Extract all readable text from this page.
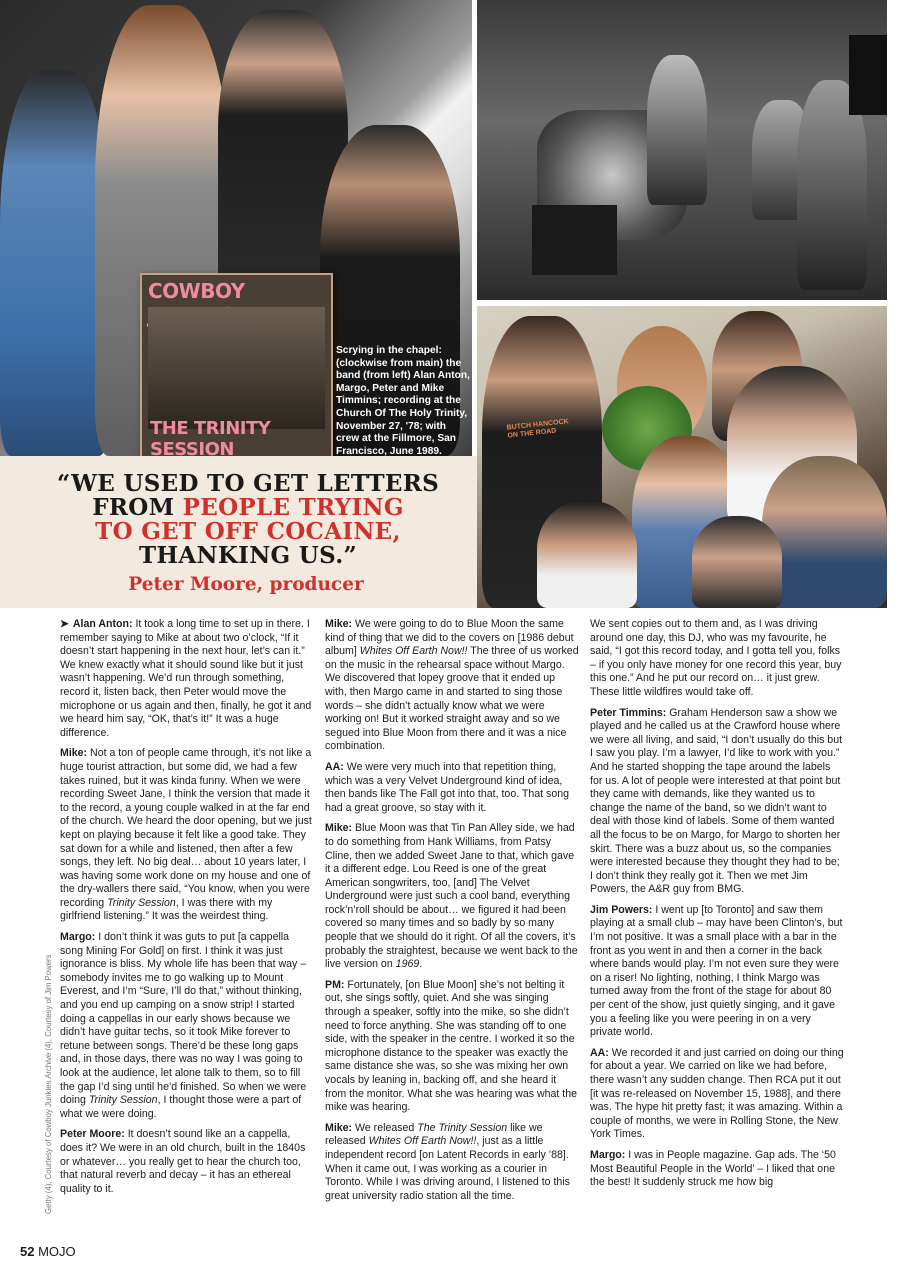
COWBOY
THE TRINITY SESSION
Scrying in the chapel: (clockwise from main) the band (from left) Alan Anton, Margo, Peter and Mike Timmins; recording at the Church Of The Holy Trinity, November 27, '78; with crew at the Fillmore, San Francisco, June 1989.
BUTCH HANCOCK ON THE ROAD
“WE USED TO GET LETTERS
FROM PEOPLE TRYING
TO GET OFF COCAINE,
THANKING US.”
Peter Moore, producer
Getty (4), Courtesy of Cowboy Junkies Archive (4), Courtesy of Jim Powers

➤ Alan Anton: It took a long time to set up in there. I remember saying to Mike at about two o’clock, “If it doesn’t start happening in the next hour, let’s can it.” We knew exactly what it should sound like but it just wasn’t happening. We’d run through something, record it, listen back, then Peter would move the microphone or us again and then, finally, he got it and we heard him say, “OK, that’s it!” It was a huge difference.

Mike: Not a ton of people came through, it’s not like a huge tourist attraction, but some did, we had a few takes ruined, but it was kinda funny. When we were recording Sweet Jane, I think the version that made it to the record, a young couple walked in at the far end of the church. We heard the door opening, but we just kept on playing because it felt like a good take. They sat down for a while and listened, then after a few songs, they left. No big deal… about 10 years later, I was having some work done on my house and one of the dry-wallers there said, “You know, when you were recording Trinity Session, I was there with my girlfriend listening.” It was the weirdest thing.

Margo: I don’t think it was guts to put [a cappella song Mining For Gold] on first. I think it was just ignorance is bliss. My whole life has been that way – somebody invites me to go walking up to Mount Everest, and I’m “Sure, I’ll do that,” without thinking, and you end up camping on a snow strip! I started doing a cappellas in our early shows because we didn’t have guitar techs, so it took Mike forever to retune between songs. There’d be these long gaps and, in those days, there was no way I was going to look at the audience, let alone talk to them, so to fill the gap I’d sing until he’d finished. So when we were doing Trinity Session, I thought those were a part of what we were doing.

Peter Moore: It doesn’t sound like an a cappella, does it? We were in an old church, built in the 1840s or whatever… you really get to hear the church too, that natural reverb and decay – it has an ethereal quality to it.

Mike: We were going to do to Blue Moon the same kind of thing that we did to the covers on [1986 debut album] Whites Off Earth Now!! The three of us worked on the music in the rehearsal space without Margo. We discovered that lopey groove that it ended up with, then Margo came in and started to sing those words – she didn’t actually know what we were working on! But it worked straight away and so we segued into Blue Moon from there and it was a nice combination.

AA: We were very much into that repetition thing, which was a very Velvet Underground kind of idea, then bands like The Fall got into that, too. That song had a great groove, so stay with it.

Mike: Blue Moon was that Tin Pan Alley side, we had to do something from Hank Williams, from Patsy Cline, then we added Sweet Jane to that, which gave it a different edge. Lou Reed is one of the great American songwriters, too, [and] The Velvet Underground were just such a cool band, everything rock’n’roll should be about… we figured it had been covered so many times and so badly by so many people that we should do it right. Of all the covers, it’s probably the straightest, because we went back to the live version on 1969.

PM: Fortunately, [on Blue Moon] she’s not belting it out, she sings softly, quiet. And she was singing through a speaker, softly into the mike, so she didn’t need to force anything. She was standing off to one side, with the speaker in the centre. I worked it so the microphone distance to the speaker was exactly the same distance she was, so she was mixing her own vocals by leaning in, backing off, and she heard it from the monitor. What she was hearing was what the mike was hearing.

Mike: We released The Trinity Session like we released Whites Off Earth Now!!, just as a little independent record [on Latent Records in early ’88]. When it came out, I was working as a courier in Toronto. While I was driving around, I listened to this great university radio station all the time.

We sent copies out to them and, as I was driving around one day, this DJ, who was my favourite, he said, “I got this record today, and I gotta tell you, folks – if you only have money for one record this year, buy this one.” And he put our record on… it just grew. These little wildfires would take off.

Peter Timmins: Graham Henderson saw a show we played and he called us at the Crawford house where we were all living, and said, “I don’t usually do this but I saw you play. I’m a lawyer, I’d like to work with you.” And he started shopping the tape around the labels for us. A lot of people were interested at that point but they came with demands, like they wanted us to change the name of the band, so we didn’t want to deal with those kind of labels. Some of them wanted all the focus to be on Margo, for Margo to shorten her skirt. There was a buzz about us, so the companies were interested because they thought they had to be; I don’t think they really got it. Then we met Jim Powers, the A&R guy from BMG.

Jim Powers: I went up [to Toronto] and saw them playing at a small club – may have been Clinton’s, but I’m not positive. It was a small place with a bar in the front as you went in and then a corner in the back where bands would play. I’m not even sure they were on a riser! No lighting, nothing, I think Margo was turned away from the front of the stage for about 80 per cent of the show, just quietly singing, and it gave you a feeling like you were peering in on a very private world.

AA: We recorded it and just carried on doing our thing for about a year. We carried on like we had before, there wasn’t any sudden change. Then RCA put it out [it was re-released on November 15, 1988], and there was. The hype hit pretty fast; it was amazing. Within a couple of months, we were in Rolling Stone, the New York Times.

Margo: I was in People magazine. Gap ads. The ‘50 Most Beautiful People in the World’ – I liked that one the best! It suddenly struck me how big

52 MOJO
